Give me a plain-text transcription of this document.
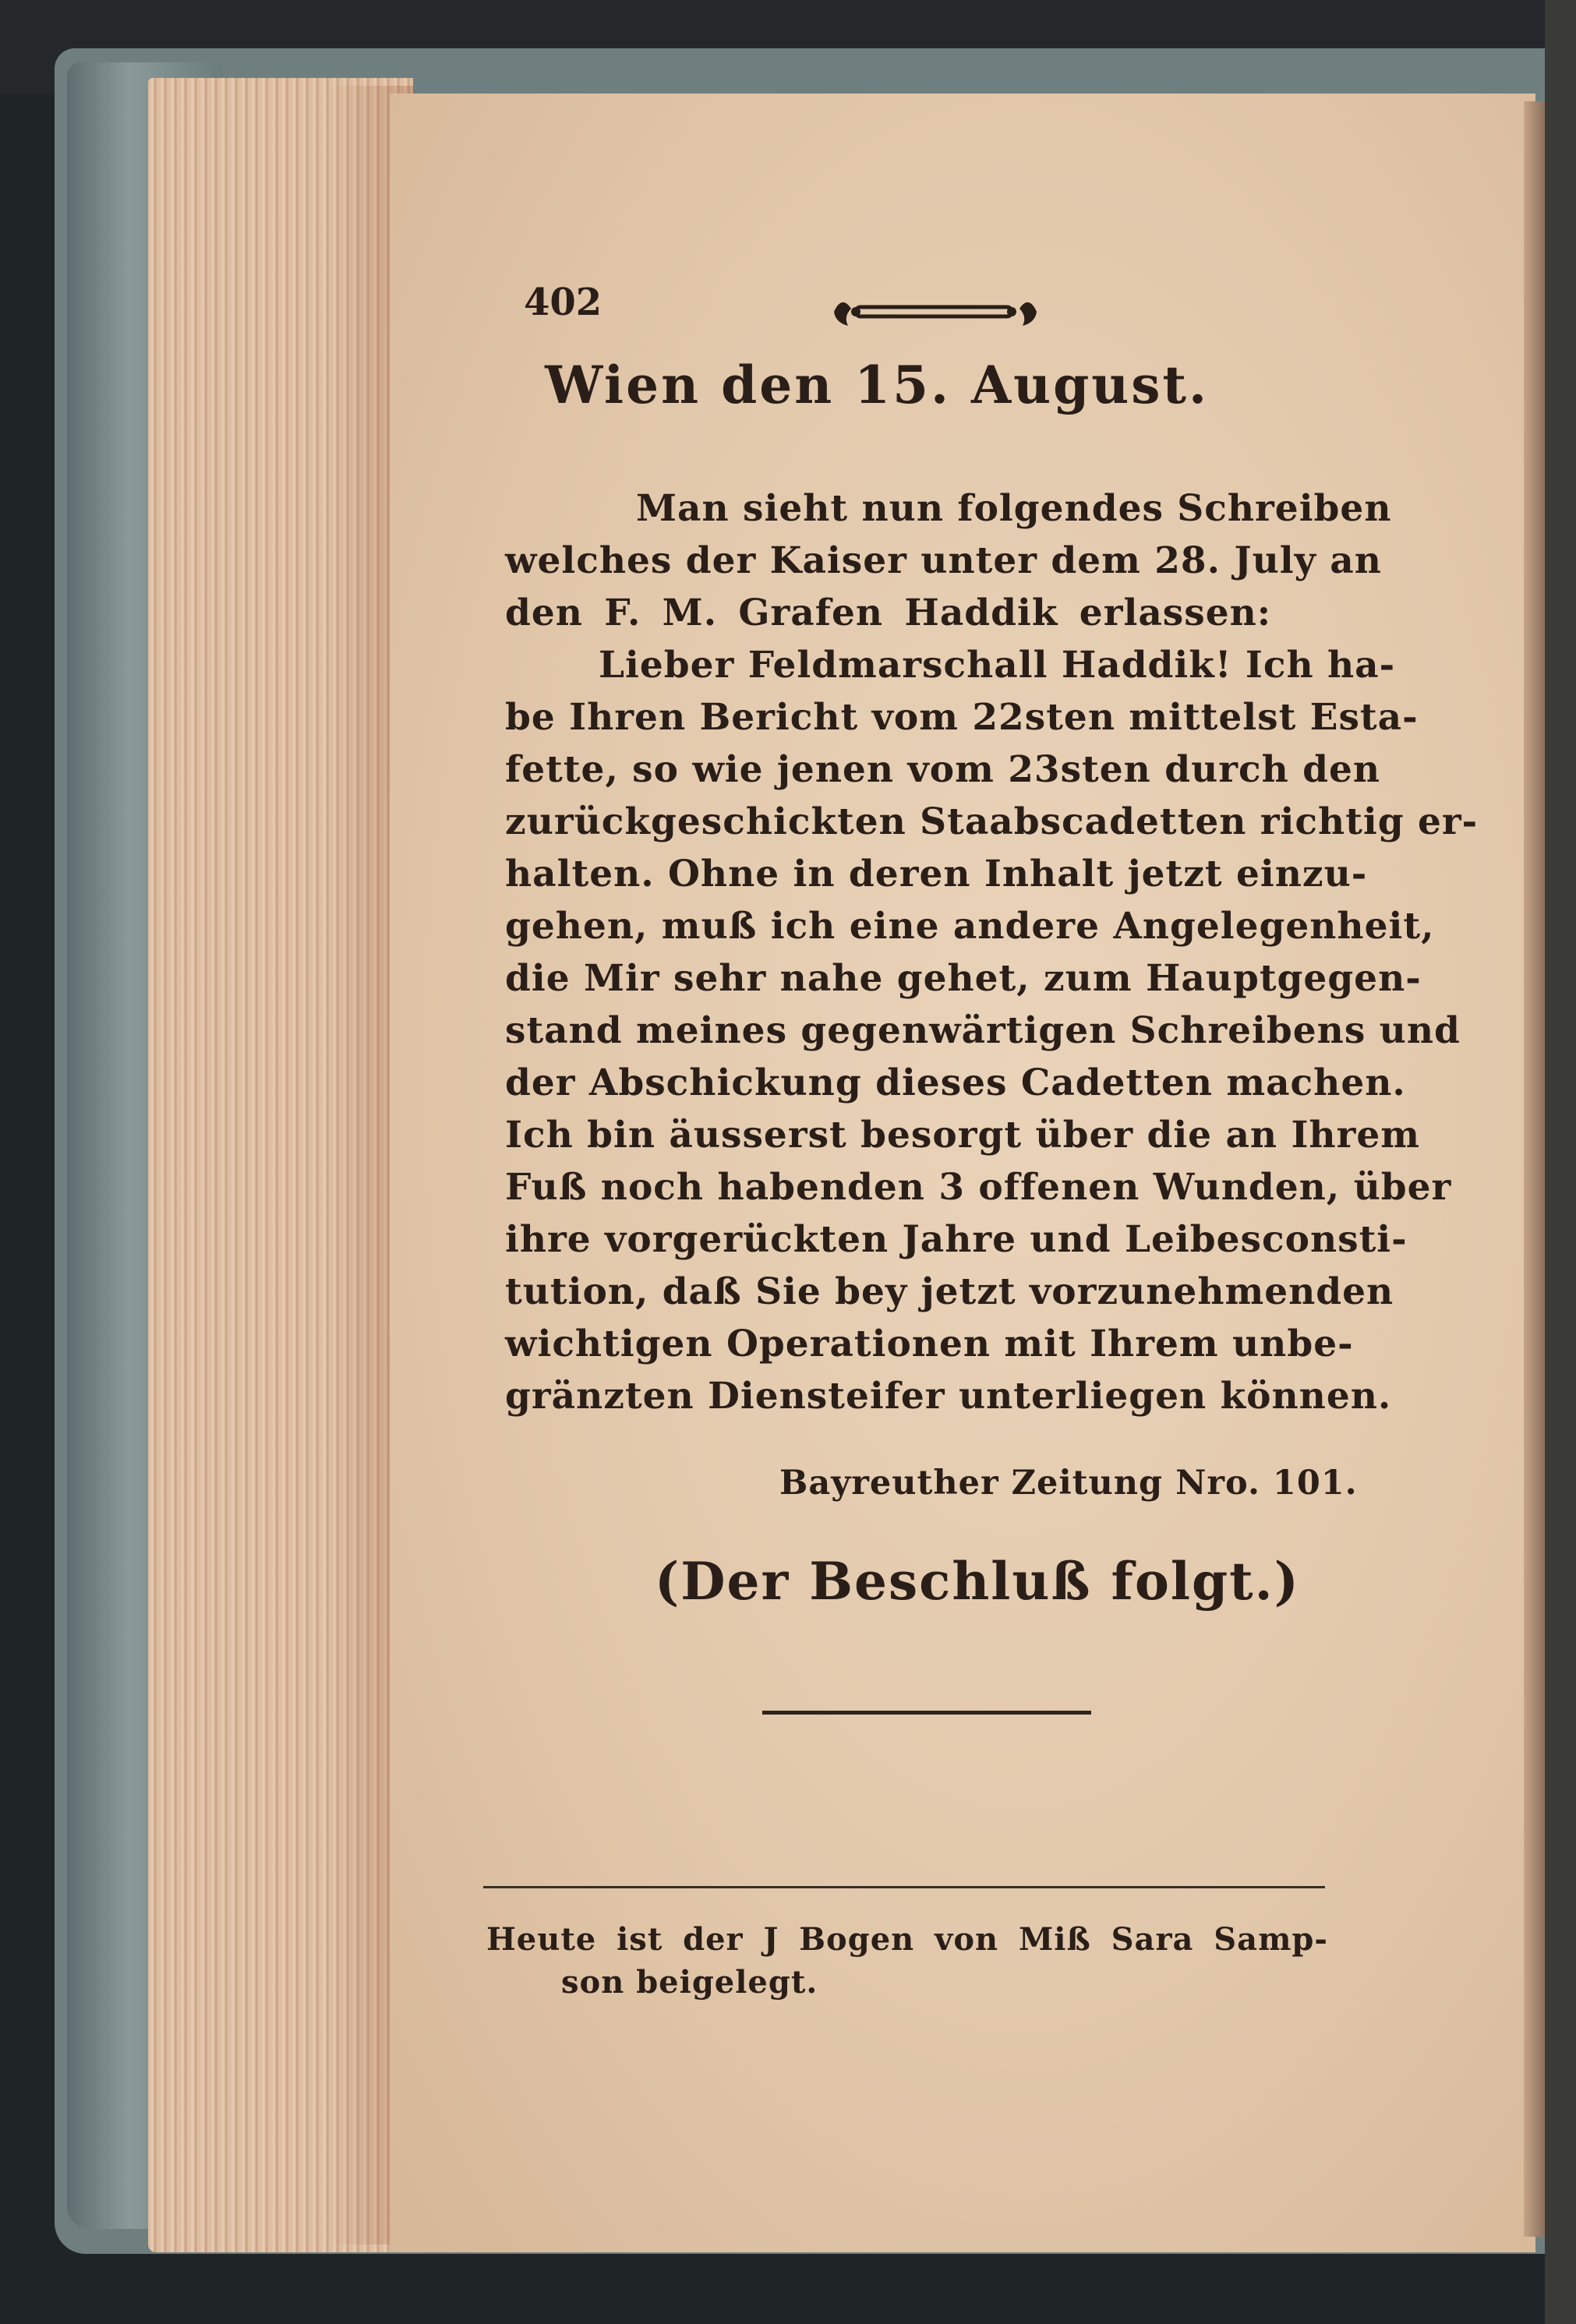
402
Wien den 15. August.
Man sieht nun folgendes Schreiben
welches der Kaiser unter dem 28. July an
den F. M. Grafen Haddik erlassen:
Lieber Feldmarschall Haddik! Ich ha-
be Ihren Bericht vom 22sten mittelst Esta-
fette, so wie jenen vom 23sten durch den
zurückgeschickten Staabscadetten richtig er-
halten. Ohne in deren Inhalt jetzt einzu-
gehen, muß ich eine andere Angelegenheit,
die Mir sehr nahe gehet, zum Hauptgegen-
stand meines gegenwärtigen Schreibens und
der Abschickung dieses Cadetten machen.
Ich bin äusserst besorgt über die an Ihrem
Fuß noch habenden 3 offenen Wunden, über
ihre vorgerückten Jahre und Leibesconsti-
tution, daß Sie bey jetzt vorzunehmenden
wichtigen Operationen mit Ihrem unbe-
gränzten Diensteifer unterliegen können.
Bayreuther Zeitung Nro. 101.
(Der Beschluß folgt.)
Heute ist der J Bogen von Miß Sara Samp-
son beigelegt.
